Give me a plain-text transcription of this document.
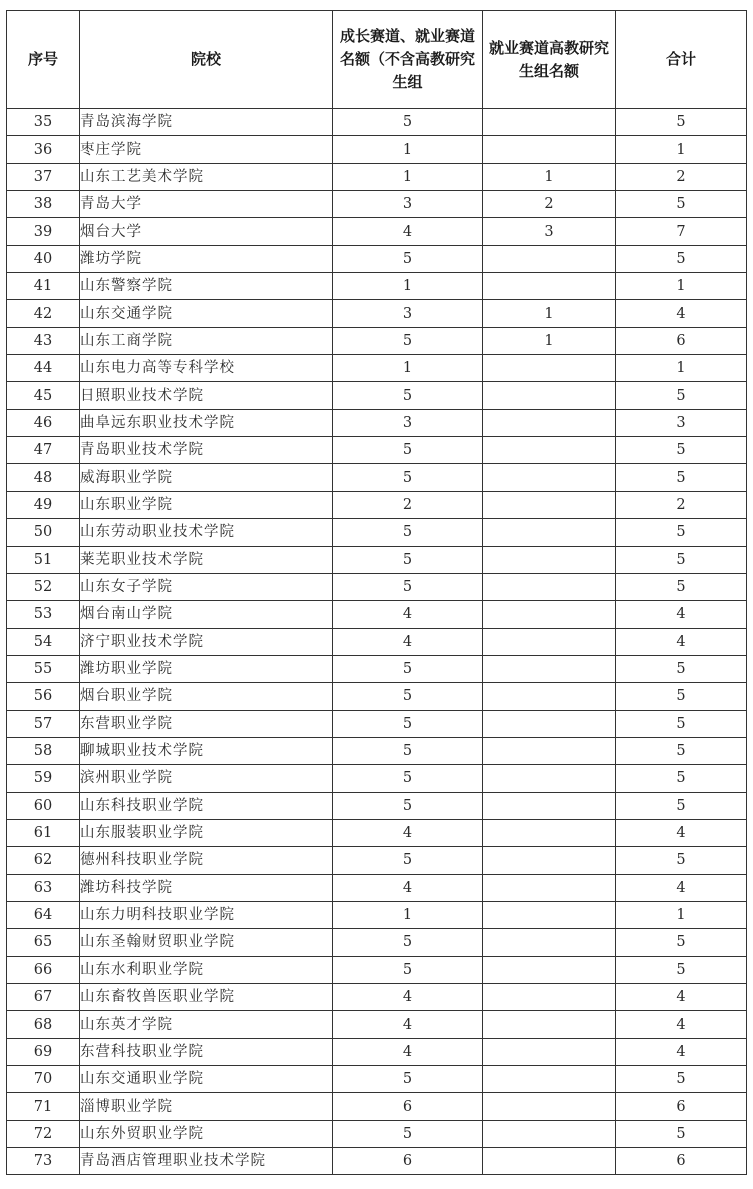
序号	院校	成长赛道、就业赛道名额（不含高教研究生组	就业赛道高教研究生组名额	合计
35	青岛滨海学院	5		5
36	枣庄学院	1		1
37	山东工艺美术学院	1	1	2
38	青岛大学	3	2	5
39	烟台大学	4	3	7
40	潍坊学院	5		5
41	山东警察学院	1		1
42	山东交通学院	3	1	4
43	山东工商学院	5	1	6
44	山东电力高等专科学校	1		1
45	日照职业技术学院	5		5
46	曲阜远东职业技术学院	3		3
47	青岛职业技术学院	5		5
48	威海职业学院	5		5
49	山东职业学院	2		2
50	山东劳动职业技术学院	5		5
51	莱芜职业技术学院	5		5
52	山东女子学院	5		5
53	烟台南山学院	4		4
54	济宁职业技术学院	4		4
55	潍坊职业学院	5		5
56	烟台职业学院	5		5
57	东营职业学院	5		5
58	聊城职业技术学院	5		5
59	滨州职业学院	5		5
60	山东科技职业学院	5		5
61	山东服装职业学院	4		4
62	德州科技职业学院	5		5
63	潍坊科技学院	4		4
64	山东力明科技职业学院	1		1
65	山东圣翰财贸职业学院	5		5
66	山东水利职业学院	5		5
67	山东畜牧兽医职业学院	4		4
68	山东英才学院	4		4
69	东营科技职业学院	4		4
70	山东交通职业学院	5		5
71	淄博职业学院	6		6
72	山东外贸职业学院	5		5
73	青岛酒店管理职业技术学院	6		6
